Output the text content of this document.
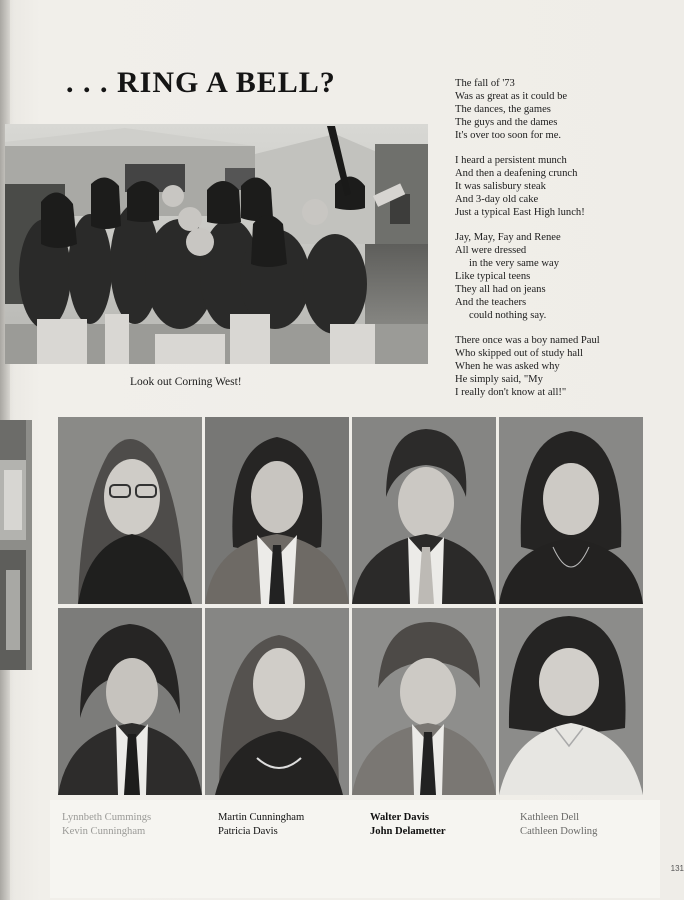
. . . RING A BELL?
Look out Corning West!
The fall of '73
Was as great as it could be
The dances, the games
The guys and the dames
It's over too soon for me.
I heard a persistent munch
And then a deafening crunch
It was salisbury steak
And 3-day old cake
Just a typical East High lunch!
Jay, May, Fay and Renee
All were dressed
in the very same way
Like typical teens
They all had on jeans
And the teachers
could nothing say.
There once was a boy named Paul
Who skipped out of study hall
When he was asked why
He simply said, "My
I really don't know at all!"
Lynnbeth Cummings
Kevin Cunningham
Martin Cunningham
Patricia Davis
Walter Davis
John Delametter
Kathleen Dell
Cathleen Dowling
131
